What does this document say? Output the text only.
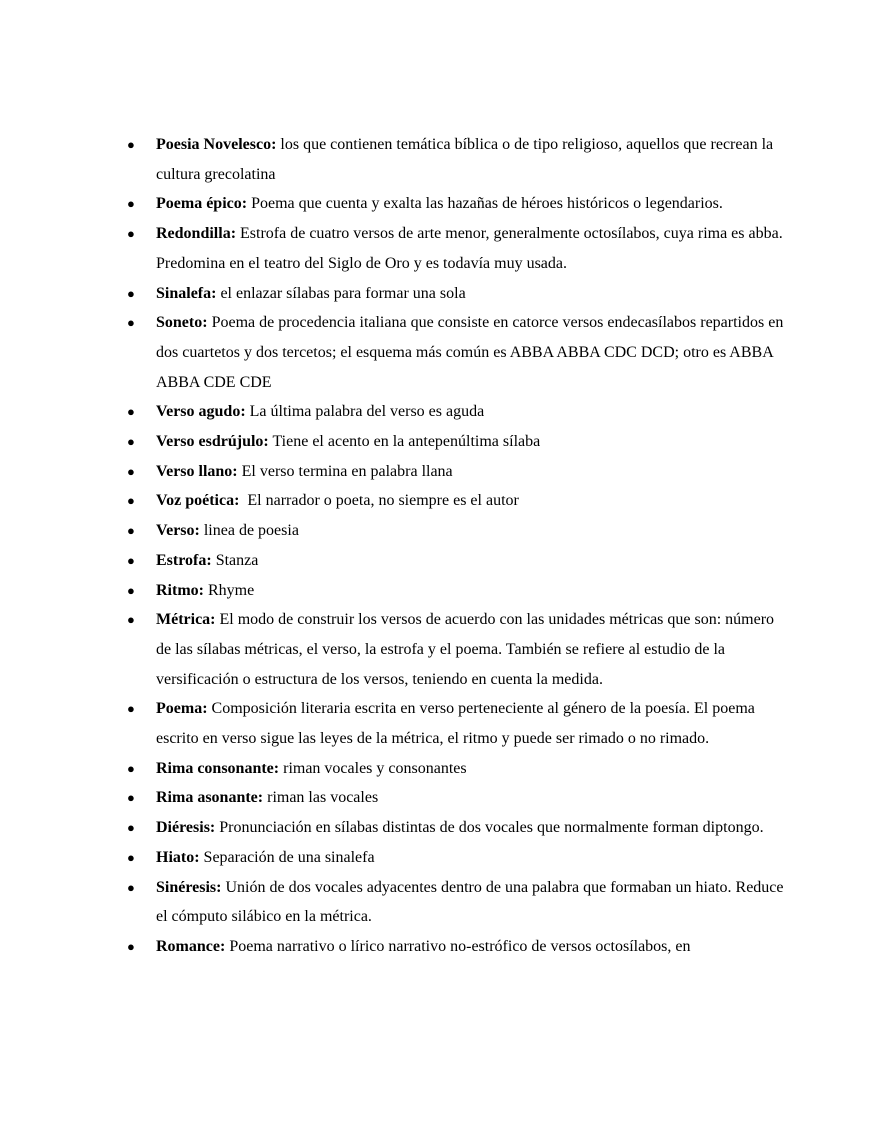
●	Poesia Novelesco: los que contienen temática bíblica o de tipo religioso, aquellos que recrean la cultura grecolatina
●	Poema épico: Poema que cuenta y exalta las hazañas de héroes históricos o legendarios.
●	Redondilla: Estrofa de cuatro versos de arte menor, generalmente octosílabos, cuya rima es abba. Predomina en el teatro del Siglo de Oro y es todavía muy usada.
●	Sinalefa: el enlazar sílabas para formar una sola
●	Soneto: Poema de procedencia italiana que consiste en catorce versos endecasílabos repartidos en dos cuartetos y dos tercetos; el esquema más común es ABBA ABBA CDC DCD; otro es ABBA ABBA CDE CDE
●	Verso agudo: La última palabra del verso es aguda
●	Verso esdrújulo: Tiene el acento en la antepenúltima sílaba
●	Verso llano: El verso termina en palabra llana
●	Voz poética:  El narrador o poeta, no siempre es el autor
●	Verso: linea de poesia
●	Estrofa: Stanza
●	Ritmo: Rhyme
●	Métrica: El modo de construir los versos de acuerdo con las unidades métricas que son: número de las sílabas métricas, el verso, la estrofa y el poema. También se refiere al estudio de la versificación o estructura de los versos, teniendo en cuenta la medida.
●	Poema: Composición literaria escrita en verso perteneciente al género de la poesía. El poema escrito en verso sigue las leyes de la métrica, el ritmo y puede ser rimado o no rimado.
●	Rima consonante: riman vocales y consonantes
●	Rima asonante: riman las vocales
●	Diéresis: Pronunciación en sílabas distintas de dos vocales que normalmente forman diptongo.
●	Hiato: Separación de una sinalefa
●	Sinéresis: Unión de dos vocales adyacentes dentro de una palabra que formaban un hiato. Reduce el cómputo silábico en la métrica.
●	Romance: Poema narrativo o lírico narrativo no-estrófico de versos octosílabos, en
